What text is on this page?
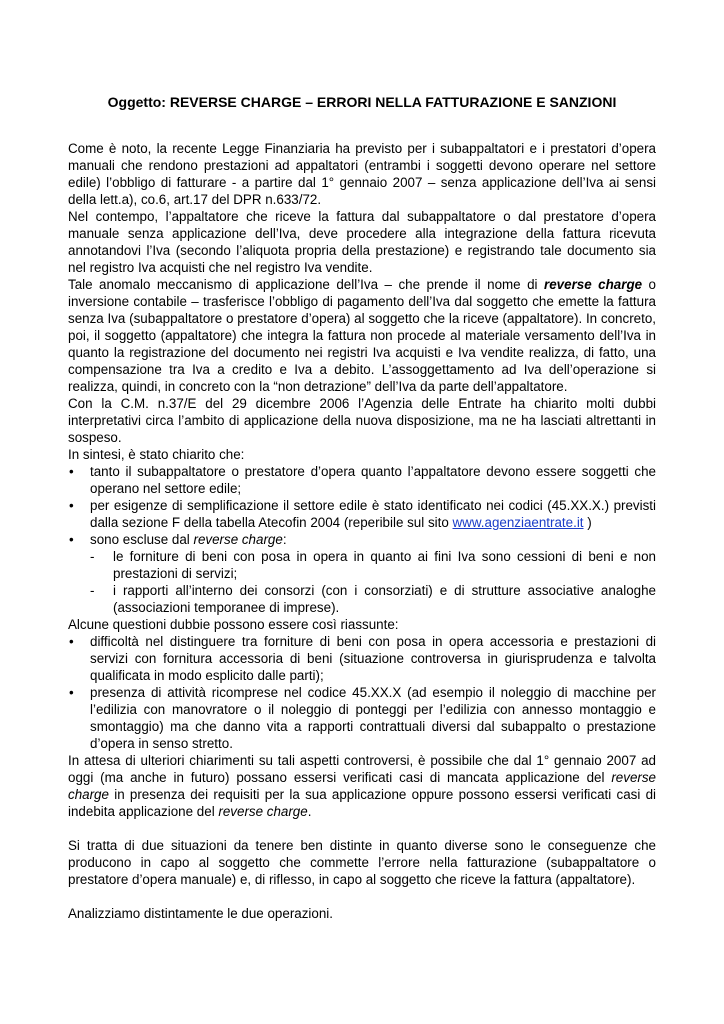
Oggetto: REVERSE CHARGE – ERRORI NELLA FATTURAZIONE E SANZIONI

Come è noto, la recente Legge Finanziaria ha previsto per i subappaltatori e i prestatori d’opera manuali che rendono prestazioni ad appaltatori (entrambi i soggetti devono operare nel settore edile) l’obbligo di fatturare - a partire dal 1° gennaio 2007 – senza applicazione dell’Iva ai sensi della lett.a), co.6, art.17 del DPR n.633/72.

Nel contempo, l’appaltatore che riceve la fattura dal subappaltatore o dal prestatore d’opera manuale senza applicazione dell’Iva, deve procedere alla integrazione della fattura ricevuta annotandovi l’Iva (secondo l’aliquota propria della prestazione) e registrando tale documento sia nel registro Iva acquisti che nel registro Iva vendite.

Tale anomalo meccanismo di applicazione dell’Iva – che prende il nome di reverse charge o inversione contabile – trasferisce l’obbligo di pagamento dell’Iva dal soggetto che emette la fattura senza Iva (subappaltatore o prestatore d’opera) al soggetto che la riceve (appaltatore). In concreto, poi, il soggetto (appaltatore) che integra la fattura non procede al materiale versamento dell’Iva in quanto la registrazione del documento nei registri Iva acquisti e Iva vendite realizza, di fatto, una compensazione tra Iva a credito e Iva a debito. L’assoggettamento ad Iva dell’operazione si realizza, quindi, in concreto con la “non detrazione” dell’Iva da parte dell’appaltatore.

Con la C.M. n.37/E del 29 dicembre 2006 l’Agenzia delle Entrate ha chiarito molti dubbi interpretativi circa l’ambito di applicazione della nuova disposizione, ma ne ha lasciati altrettanti in sospeso.

In sintesi, è stato chiarito che:

• tanto il subappaltatore o prestatore d’opera quanto l’appaltatore devono essere soggetti che operano nel settore edile;
• per esigenze di semplificazione il settore edile è stato identificato nei codici (45.XX.X.) previsti dalla sezione F della tabella Atecofin 2004 (reperibile sul sito www.agenziaentrate.it )
• sono escluse dal reverse charge:
- le forniture di beni con posa in opera in quanto ai fini Iva sono cessioni di beni e non prestazioni di servizi;
- i rapporti all’interno dei consorzi (con i consorziati) e di strutture associative analoghe (associazioni temporanee di imprese).

Alcune questioni dubbie possono essere così riassunte:

• difficoltà nel distinguere tra forniture di beni con posa in opera accessoria e prestazioni di servizi con fornitura accessoria di beni (situazione controversa in giurisprudenza e talvolta qualificata in modo esplicito dalle parti);
• presenza di attività ricomprese nel codice 45.XX.X (ad esempio il noleggio di macchine per l’edilizia con manovratore o il noleggio di ponteggi per l’edilizia con annesso montaggio e smontaggio) ma che danno vita a rapporti contrattuali diversi dal subappalto o prestazione d’opera in senso stretto.

In attesa di ulteriori chiarimenti su tali aspetti controversi, è possibile che dal 1° gennaio 2007 ad oggi (ma anche in futuro) possano essersi verificati casi di mancata applicazione del reverse charge in presenza dei requisiti per la sua applicazione oppure possono essersi verificati casi di indebita applicazione del reverse charge.

Si tratta di due situazioni da tenere ben distinte in quanto diverse sono le conseguenze che producono in capo al soggetto che commette l’errore nella fatturazione (subappaltatore o prestatore d’opera manuale) e, di riflesso, in capo al soggetto che riceve la fattura (appaltatore).

Analizziamo distintamente le due operazioni.
